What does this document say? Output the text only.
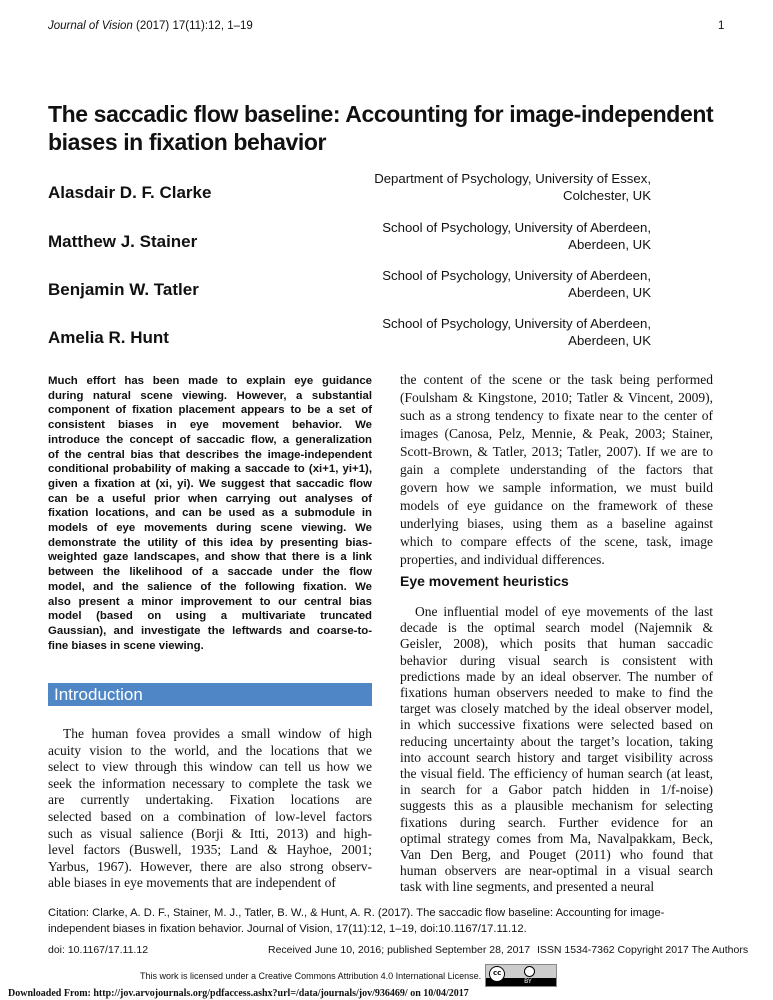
Journal of Vision (2017) 17(11):12, 1–19	1
The saccadic flow baseline: Accounting for image-independent biases in fixation behavior
Alasdair D. F. Clarke
Department of Psychology, University of Essex,
Colchester, UK
Matthew J. Stainer
School of Psychology, University of Aberdeen,
Aberdeen, UK
Benjamin W. Tatler
School of Psychology, University of Aberdeen,
Aberdeen, UK
Amelia R. Hunt
School of Psychology, University of Aberdeen,
Aberdeen, UK
Much effort has been made to explain eye guidance
during natural scene viewing. However, a substantial
component of fixation placement appears to be a set of
consistent biases in eye movement behavior. We
introduce the concept of saccadic flow, a generalization
of the central bias that describes the image-independent
conditional probability of making a saccade to (xi+1, yi+1),
given a fixation at (xi, yi). We suggest that saccadic flow
can be a useful prior when carrying out analyses of
fixation locations, and can be used as a submodule in
models of eye movements during scene viewing. We
demonstrate the utility of this idea by presenting bias-
weighted gaze landscapes, and show that there is a link
between the likelihood of a saccade under the flow
model, and the salience of the following fixation. We
also present a minor improvement to our central bias
model (based on using a multivariate truncated
Gaussian), and investigate the leftwards and coarse-to-
fine biases in scene viewing.
Introduction
The human fovea provides a small window of high
acuity vision to the world, and the locations that we
select to view through this window can tell us how we
seek the information necessary to complete the task we
are currently undertaking. Fixation locations are
selected based on a combination of low-level factors
such as visual salience (Borji & Itti, 2013) and high-
level factors (Buswell, 1935; Land & Hayhoe, 2001;
Yarbus, 1967). However, there are also strong observ-
able biases in eye movements that are independent of
the content of the scene or the task being performed
(Foulsham & Kingstone, 2010; Tatler & Vincent, 2009),
such as a strong tendency to fixate near to the center of
images (Canosa, Pelz, Mennie, & Peak, 2003; Stainer,
Scott-Brown, & Tatler, 2013; Tatler, 2007). If we are to
gain a complete understanding of the factors that
govern how we sample information, we must build
models of eye guidance on the framework of these
underlying biases, using them as a baseline against
which to compare effects of the scene, task, image
properties, and individual differences.
Eye movement heuristics
One influential model of eye movements of the last
decade is the optimal search model (Najemnik &
Geisler, 2008), which posits that human saccadic
behavior during visual search is consistent with
predictions made by an ideal observer. The number of
fixations human observers needed to make to find the
target was closely matched by the ideal observer model,
in which successive fixations were selected based on
reducing uncertainty about the target’s location, taking
into account search history and target visibility across
the visual field. The efficiency of human search (at least,
in search for a Gabor patch hidden in 1/f-noise)
suggests this as a plausible mechanism for selecting
fixations during search. Further evidence for an
optimal strategy comes from Ma, Navalpakkam, Beck,
Van Den Berg, and Pouget (2011) who found that
human observers are near-optimal in a visual search
task with line segments, and presented a neural
Citation: Clarke, A. D. F., Stainer, M. J., Tatler, B. W., & Hunt, A. R. (2017). The saccadic flow baseline: Accounting for image-
independent biases in fixation behavior. Journal of Vision, 17(11):12, 1–19, doi:10.1167/17.11.12.
doi: 10.1167/17.11.12	Received June 10, 2016; published September 28, 2017 ISSN 1534-7362 Copyright 2017 The Authors
This work is licensed under a Creative Commons Attribution 4.0 International License.	cc
BY
Downloaded From: http://jov.arvojournals.org/pdfaccess.ashx?url=/data/journals/jov/936469/ on 10/04/2017
